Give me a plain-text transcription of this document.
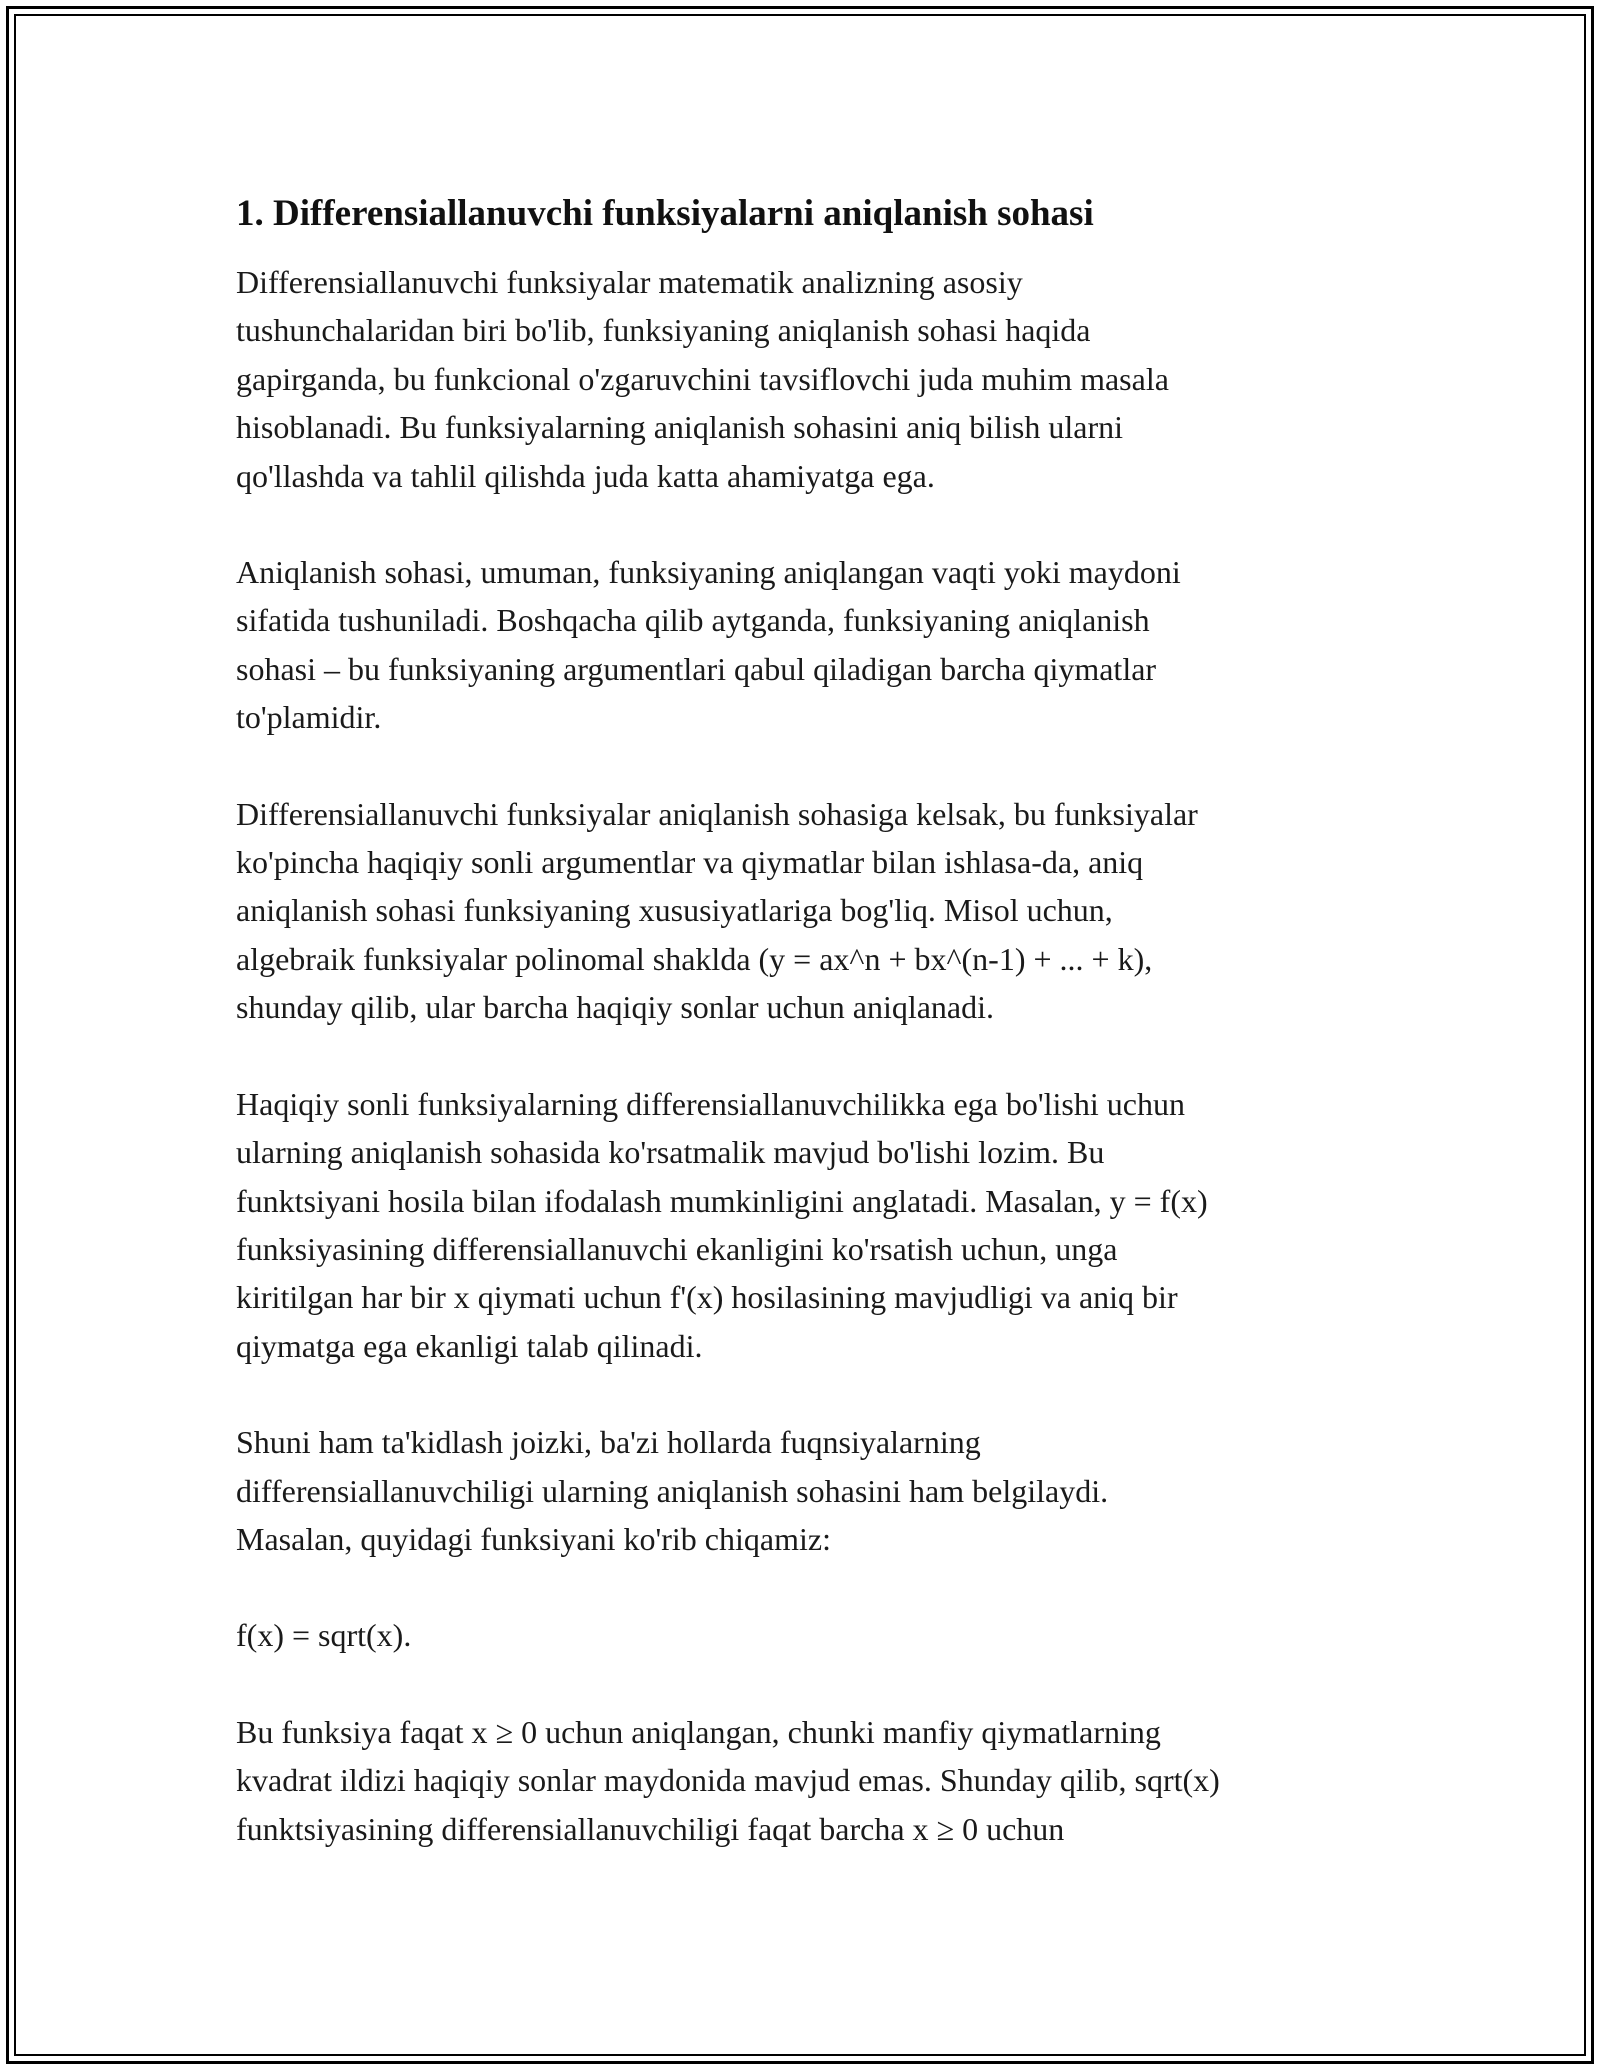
1. Differensiallanuvchi funksiyalarni aniqlanish sohasi

Differensiallanuvchi funksiyalar matematik analizning asosiy
tushunchalaridan biri bo'lib, funksiyaning aniqlanish sohasi haqida
gapirganda, bu funkcional o'zgaruvchini tavsiflovchi juda muhim masala
hisoblanadi. Bu funksiyalarning aniqlanish sohasini aniq bilish ularni
qo'llashda va tahlil qilishda juda katta ahamiyatga ega.

Aniqlanish sohasi, umuman, funksiyaning aniqlangan vaqti yoki maydoni
sifatida tushuniladi. Boshqacha qilib aytganda, funksiyaning aniqlanish
sohasi – bu funksiyaning argumentlari qabul qiladigan barcha qiymatlar
to'plamidir.

Differensiallanuvchi funksiyalar aniqlanish sohasiga kelsak, bu funksiyalar
ko'pincha haqiqiy sonli argumentlar va qiymatlar bilan ishlasa-da, aniq
aniqlanish sohasi funksiyaning xususiyatlariga bog'liq. Misol uchun,
algebraik funksiyalar polinomal shaklda (y = ax^n + bx^(n-1) + ... + k),
shunday qilib, ular barcha haqiqiy sonlar uchun aniqlanadi.

Haqiqiy sonli funksiyalarning differensiallanuvchilikka ega bo'lishi uchun
ularning aniqlanish sohasida ko'rsatmalik mavjud bo'lishi lozim. Bu
funktsiyani hosila bilan ifodalash mumkinligini anglatadi. Masalan, y = f(x)
funksiyasining differensiallanuvchi ekanligini ko'rsatish uchun, unga
kiritilgan har bir x qiymati uchun f'(x) hosilasining mavjudligi va aniq bir
qiymatga ega ekanligi talab qilinadi.

Shuni ham ta'kidlash joizki, ba'zi hollarda fuqnsiyalarning
differensiallanuvchiligi ularning aniqlanish sohasini ham belgilaydi.
Masalan, quyidagi funksiyani ko'rib chiqamiz:

f(x) = sqrt(x).

Bu funksiya faqat x ≥ 0 uchun aniqlangan, chunki manfiy qiymatlarning
kvadrat ildizi haqiqiy sonlar maydonida mavjud emas. Shunday qilib, sqrt(x)
funktsiyasining differensiallanuvchiligi faqat barcha x ≥ 0 uchun
